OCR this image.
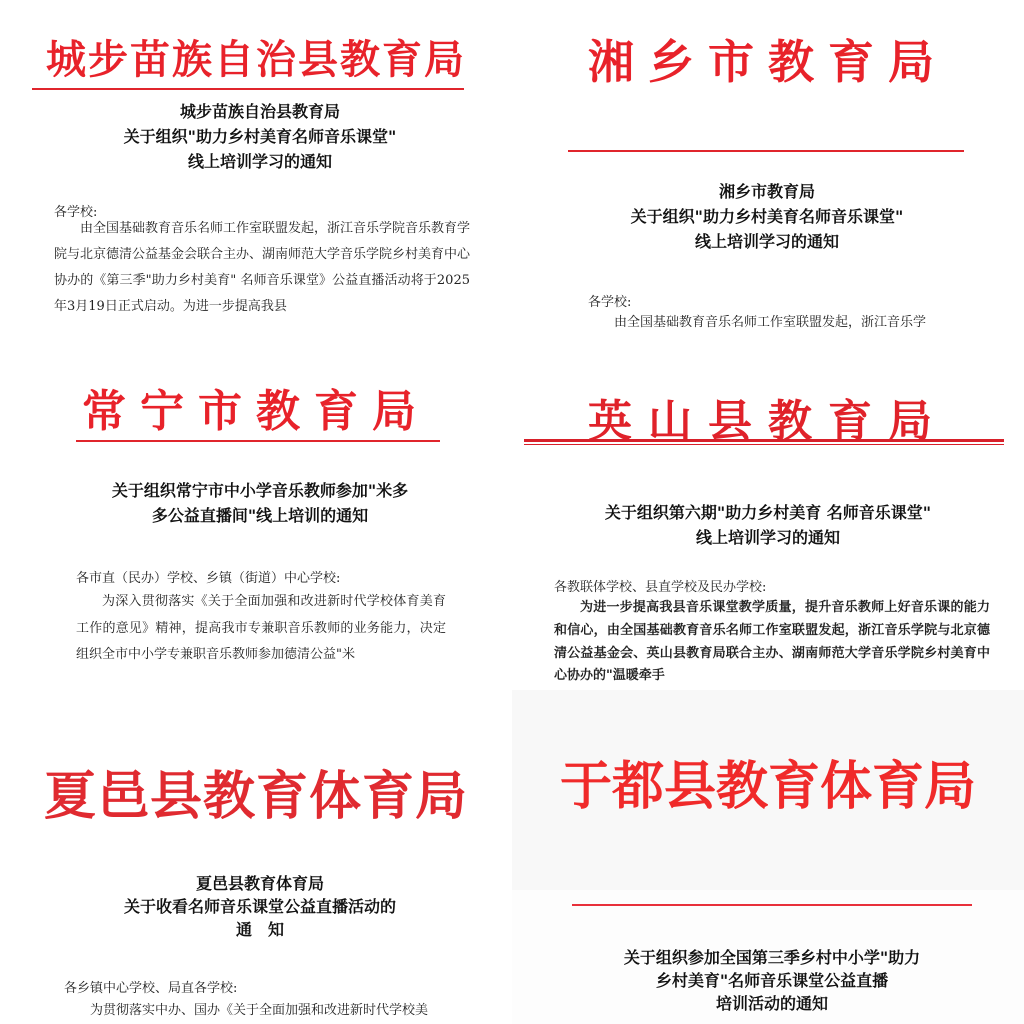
城步苗族自治县教育局
城步苗族自治县教育局
关于组织"助力乡村美育名师音乐课堂"
线上培训学习的通知
各学校:
由全国基础教育音乐名师工作室联盟发起，浙江音乐学院音乐教育学院与北京德清公益基金会联合主办、湖南师范大学音乐学院乡村美育中心协办的《第三季"助力乡村美育" 名师音乐课堂》公益直播活动将于2025年3月19日正式启动。为进一步提高我县
湘乡市教育局
湘乡市教育局
关于组织"助力乡村美育名师音乐课堂"
线上培训学习的通知
各学校:
由全国基础教育音乐名师工作室联盟发起，浙江音乐学
常宁市教育局
关于组织常宁市中小学音乐教师参加"米多
多公益直播间"线上培训的通知
各市直（民办）学校、乡镇（街道）中心学校:
为深入贯彻落实《关于全面加强和改进新时代学校体育美育工作的意见》精神，提高我市专兼职音乐教师的业务能力，决定组织全市中小学专兼职音乐教师参加德清公益"米
英山县教育局
关于组织第六期"助力乡村美育 名师音乐课堂"
线上培训学习的通知
各教联体学校、县直学校及民办学校:
为进一步提高我县音乐课堂教学质量，提升音乐教师上好音乐课的能力和信心，由全国基础教育音乐名师工作室联盟发起，浙江音乐学院与北京德清公益基金会、英山县教育局联合主办、湖南师范大学音乐学院乡村美育中心协办的"温暖牵手
夏邑县教育体育局
夏邑县教育体育局
关于收看名师音乐课堂公益直播活动的
通　知
各乡镇中心学校、局直各学校:
为贯彻落实中办、国办《关于全面加强和改进新时代学校美
于都县教育体育局
关于组织参加全国第三季乡村中小学"助力
乡村美育"名师音乐课堂公益直播
培训活动的通知
